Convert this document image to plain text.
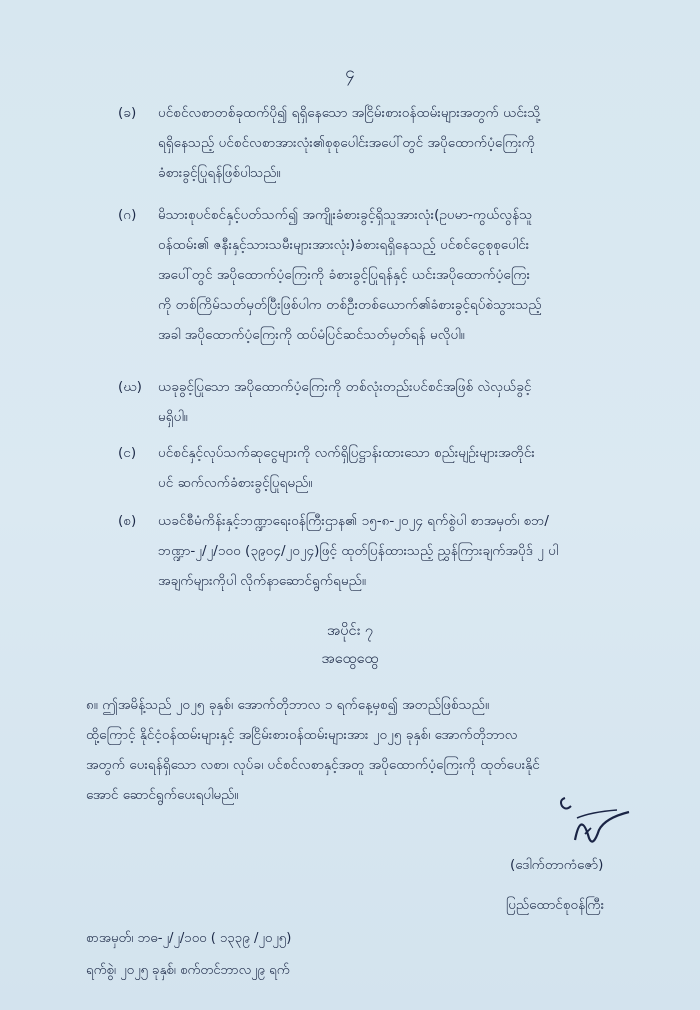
၄
(ခ) ပင်စင်လစာတစ်ခုထက်ပို၍ ရရှိနေသော အငြိမ်းစားဝန်ထမ်းများအတွက် ယင်းသို့
ရရှိနေသည့် ပင်စင်လစာအားလုံး၏စုစုပေါင်းအပေါ်တွင် အပိုထောက်ပံ့ကြေးကို
ခံစားခွင့်ပြုရန်ဖြစ်ပါသည်။
(ဂ) မိသားစုပင်စင်နှင့်ပတ်သက်၍ အကျိုးခံစားခွင့်ရှိသူအားလုံး(ဥပမာ-ကွယ်လွန်သူ
ဝန်ထမ်း၏ ဇနီးနှင့်သားသမီးများအားလုံး)ခံစားရရှိနေသည့် ပင်စင်ငွေစုစုပေါင်း
အပေါ်တွင် အပိုထောက်ပံ့ကြေးကို ခံစားခွင့်ပြုရန်နှင့် ယင်းအပိုထောက်ပံ့ကြေး
ကို တစ်ကြိမ်သတ်မှတ်ပြီးဖြစ်ပါက တစ်ဦးတစ်ယောက်၏ခံစားခွင့်ရပ်စဲသွားသည့်
အခါ အပိုထောက်ပံ့ကြေးကို ထပ်မံပြင်ဆင်သတ်မှတ်ရန် မလိုပါ။
(ဃ) ယခုခွင့်ပြုသော အပိုထောက်ပံ့ကြေးကို တစ်လုံးတည်းပင်စင်အဖြစ် လဲလှယ်ခွင့်
မရှိပါ။
(င) ပင်စင်နှင့်လုပ်သက်ဆုငွေများကို လက်ရှိပြဋ္ဌာန်းထားသော စည်းမျဉ်းများအတိုင်း
ပင် ဆက်လက်ခံစားခွင့်ပြုရမည်။
(စ) ယခင်စီမံကိန်းနှင့်ဘဏ္ဍာရေးဝန်ကြီးဌာန၏ ၁၅-၈-၂၀၂၄ ရက်စွဲပါ စာအမှတ်၊ စဘ/
ဘဏ္ဍာ-၂/၂/၁၀၀ (၃၉၀၄/၂၀၂၄)ဖြင့် ထုတ်ပြန်ထားသည့် ညွှန်ကြားချက်အပိုဒ် ၂ ပါ
အချက်များကိုပါ လိုက်နာဆောင်ရွက်ရမည်။
အပိုင်း ၇
အထွေထွေ
၈။ ဤအမိန့်သည် ၂၀၂၅ ခုနှစ်၊ အောက်တိုဘာလ ၁ ရက်နေ့မှစ၍ အတည်ဖြစ်သည်။
ထို့ကြောင့် နိုင်ငံ့ဝန်ထမ်းများနှင့် အငြိမ်းစားဝန်ထမ်းများအား ၂၀၂၅ ခုနှစ်၊ အောက်တိုဘာလ
အတွက် ပေးရန်ရှိသော လစာ၊ လုပ်ခ၊ ပင်စင်လစာနှင့်အတူ အပိုထောက်ပံ့ကြေးကို ထုတ်ပေးနိုင်
အောင် ဆောင်ရွက်ပေးရပါမည်။
(ဒေါက်တာကံဇော်)
ပြည်ထောင်စုဝန်ကြီး
စာအမှတ်၊ ဘဓ-၂/၂/၁၀၀ ( ၁၃၃၉ /၂၀၂၅)
ရက်စွဲ၊ ၂၀၂၅ ခုနှစ်၊ စက်တင်ဘာလ၂၉ ရက်
